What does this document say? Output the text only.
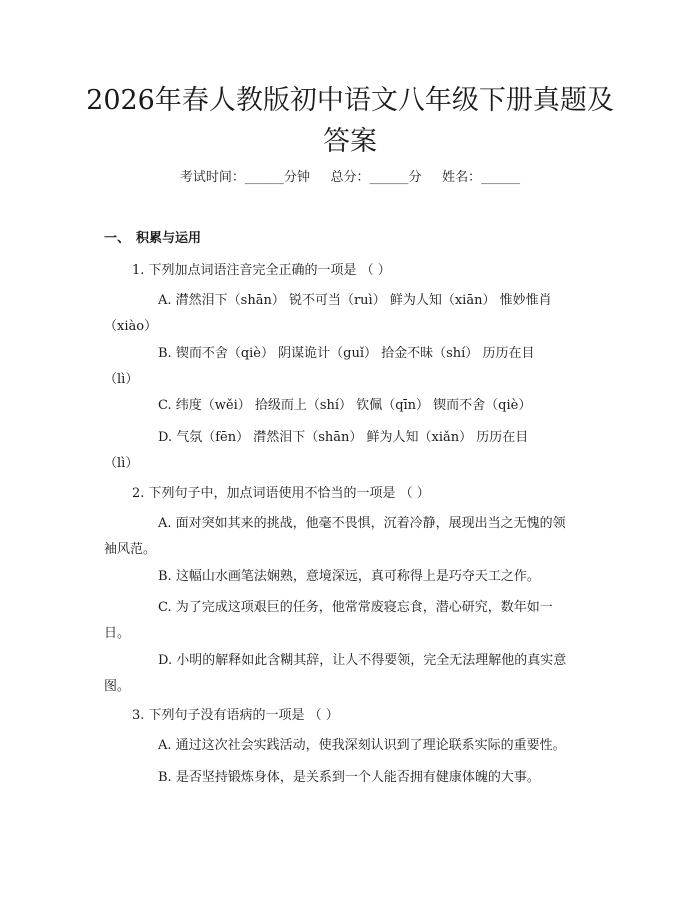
2026年春人教版初中语文八年级下册真题及
答案
考试时间：______分钟     总分：______分     姓名：______
一、 积累与运用
1. 下列加点词语注音完全正确的一项是 （ ）
A. 潸然泪下（shān） 锐不可当（ruì） 鲜为人知（xiān） 惟妙惟肖
（xiào）
B. 锲而不舍（qiè） 阴谋诡计（guǐ） 拾金不昧（shí） 历历在目
（lì）
C. 纬度（wěi） 拾级而上（shí） 钦佩（qīn） 锲而不舍（qiè）
D. 气氛（fēn） 潸然泪下（shān） 鲜为人知（xiǎn） 历历在目
（lì）
2. 下列句子中，加点词语使用不恰当的一项是 （ ）
A. 面对突如其来的挑战，他毫不畏惧，沉着冷静，展现出当之无愧的领
袖风范。
B. 这幅山水画笔法娴熟，意境深远，真可称得上是巧夺天工之作。
C. 为了完成这项艰巨的任务，他常常废寝忘食，潜心研究，数年如一
日。
D. 小明的解释如此含糊其辞，让人不得要领，完全无法理解他的真实意
图。
3. 下列句子没有语病的一项是 （ ）
A. 通过这次社会实践活动，使我深刻认识到了理论联系实际的重要性。
B. 是否坚持锻炼身体，是关系到一个人能否拥有健康体魄的大事。
